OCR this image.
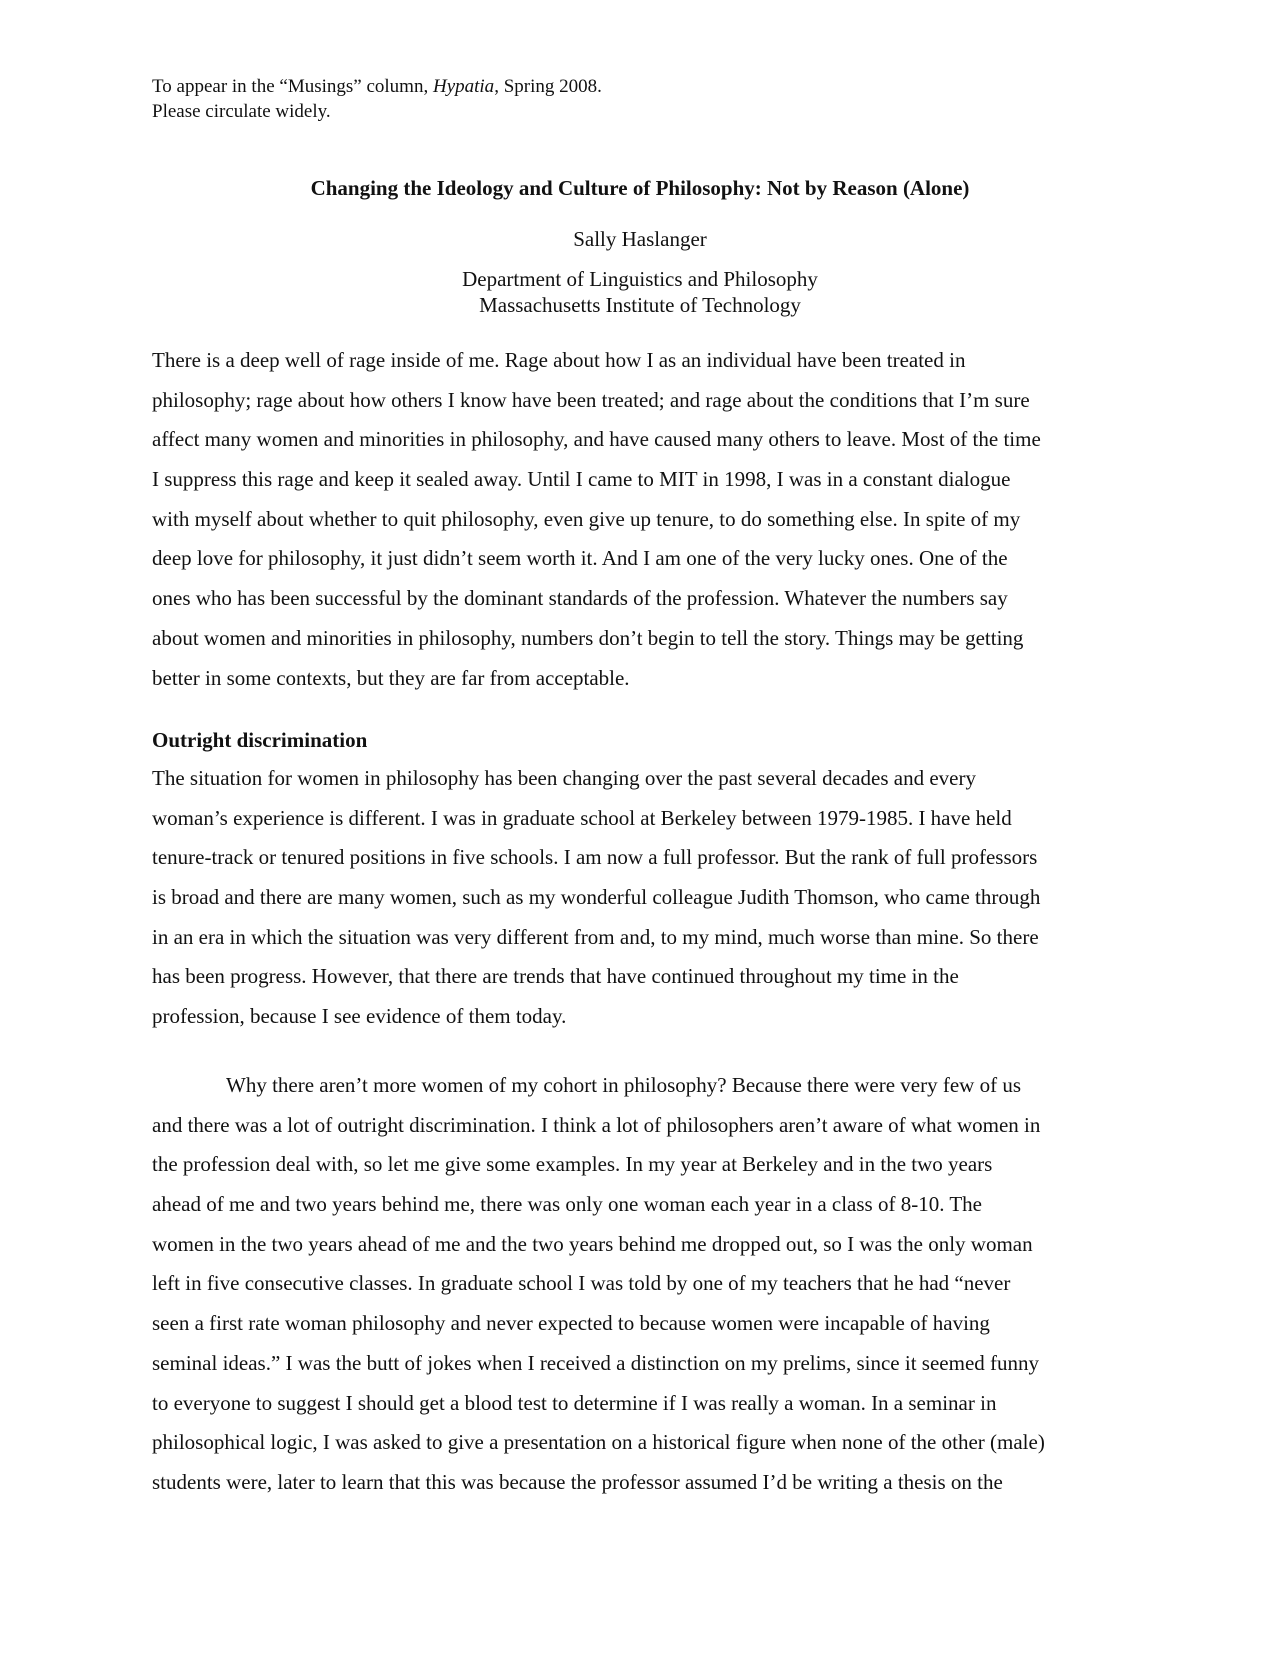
To appear in the “Musings” column, Hypatia, Spring 2008.
Please circulate widely.
Changing the Ideology and Culture of Philosophy: Not by Reason (Alone)
Sally Haslanger
Department of Linguistics and Philosophy
Massachusetts Institute of Technology
There is a deep well of rage inside of me. Rage about how I as an individual have been treated in
philosophy; rage about how others I know have been treated; and rage about the conditions that I’m sure
affect many women and minorities in philosophy, and have caused many others to leave. Most of the time
I suppress this rage and keep it sealed away. Until I came to MIT in 1998, I was in a constant dialogue
with myself about whether to quit philosophy, even give up tenure, to do something else. In spite of my
deep love for philosophy, it just didn’t seem worth it. And I am one of the very lucky ones. One of the
ones who has been successful by the dominant standards of the profession. Whatever the numbers say
about women and minorities in philosophy, numbers don’t begin to tell the story. Things may be getting
better in some contexts, but they are far from acceptable.
Outright discrimination
The situation for women in philosophy has been changing over the past several decades and every
woman’s experience is different. I was in graduate school at Berkeley between 1979-1985. I have held
tenure-track or tenured positions in five schools. I am now a full professor. But the rank of full professors
is broad and there are many women, such as my wonderful colleague Judith Thomson, who came through
in an era in which the situation was very different from and, to my mind, much worse than mine. So there
has been progress. However, that there are trends that have continued throughout my time in the
profession, because I see evidence of them today.
Why there aren’t more women of my cohort in philosophy? Because there were very few of us
and there was a lot of outright discrimination. I think a lot of philosophers aren’t aware of what women in
the profession deal with, so let me give some examples. In my year at Berkeley and in the two years
ahead of me and two years behind me, there was only one woman each year in a class of 8-10. The
women in the two years ahead of me and the two years behind me dropped out, so I was the only woman
left in five consecutive classes. In graduate school I was told by one of my teachers that he had “never
seen a first rate woman philosophy and never expected to because women were incapable of having
seminal ideas.” I was the butt of jokes when I received a distinction on my prelims, since it seemed funny
to everyone to suggest I should get a blood test to determine if I was really a woman. In a seminar in
philosophical logic, I was asked to give a presentation on a historical figure when none of the other (male)
students were, later to learn that this was because the professor assumed I’d be writing a thesis on the
